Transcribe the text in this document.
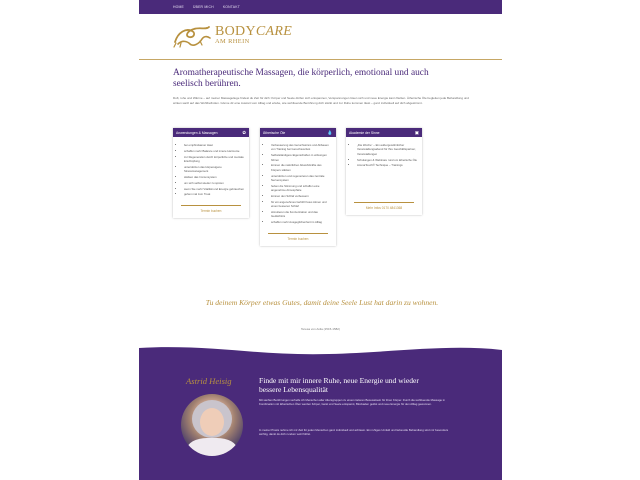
HOME	ÜBER MICH	KONTAKT
BODYCARE
AM RHEIN
Aromatherapeutische Massagen, die körperlich, emotional und auch seelisch berühren.

Duft, ruhe und Wärme – auf meiner Massageliege findest du Zeit für dich: Körper und Seele dürfen sich entspannen, Verspannungen lösen sich und neue Energie kann fließen. Ätherische Öle begleiten jede Behandlung und wirken sanft auf das Wohlbefinden. Gönne dir eine Auszeit vom Alltag und erlebe, wie wohltuende Berührung dich stärkt und zur Ruhe kommen lässt – ganz individuell auf dich abgestimmt.

Anwendungen & Massagen	✿
• bei empfindsamer Haut
• schaffen mehr Balance und innere Harmonie
• zur Regeneration durch körperliche und mentale Erschöpfung
• unterstützen das körpereigene Stressmanagement
• stärken das Immunsystem
• um sich selbst wieder zu spüren
• wenn Sie mehr Vitalität und Energie gebrauchen
• gehen mal zum Treat
Termin buchen
Ätherische Öle	💧
• Verbesserung des Geruchssinns und Abbauen von Training bei Geruchsverlust
• Selbstständigere Eigenschaften in wirkungen führen
• können die natürlichen Abwehrkräfte des Körpers stärken
• unterstützen und regenerieren das zentrale Nervensystem
• heben die Stimmung und schaffen eine angenehme Atmosphäre
• können den Schlaf verbessern
• für ein angenehmes Gefühl freies Atmen und einen besseren Schlaf
• stimulieren die Konzentration und das Gedächtnis
• schaffen mehr Ausgeglichenheit im Alltag
Termin buchen
Akademie der Sinne	▣
• „Die Woche“ – Ein außergewöhnlicher Veranstaltungsabend für Ihre Geschäftspartner, Veranstaltungen
• Schulungen & Webinare rund um ätherische Öle
• AromaTouch® Technique – Trainings
Mehr Infos 0170 4841368
Tu deinem Körper etwas Gutes, damit deine Seele Lust hat darin zu wohnen.
Teresa von Avila (1515-1582)
Astrid Heisig	Finde mit mir innere Ruhe, neue Energie und wieder bessere Lebensqualität

Mit sanften Berührungen verhelfe ich Menschen aller Altersgruppen zu einem tieferen Bewusstsein für ihren Körper. Durch die wohltuende Massage in Kombination mit ätherischen Ölen werden Körper, Geist und Seele entspannt, Blockaden gelöst und neue Energie für den Alltag gewonnen.

In meiner Praxis nehme ich mir Zeit für jeden Menschen ganz individuell und achtsam. Ein ruhiges Umfeld und liebevolle Behandlung sind mir besonders wichtig, damit du dich rundum wohl fühlst.
